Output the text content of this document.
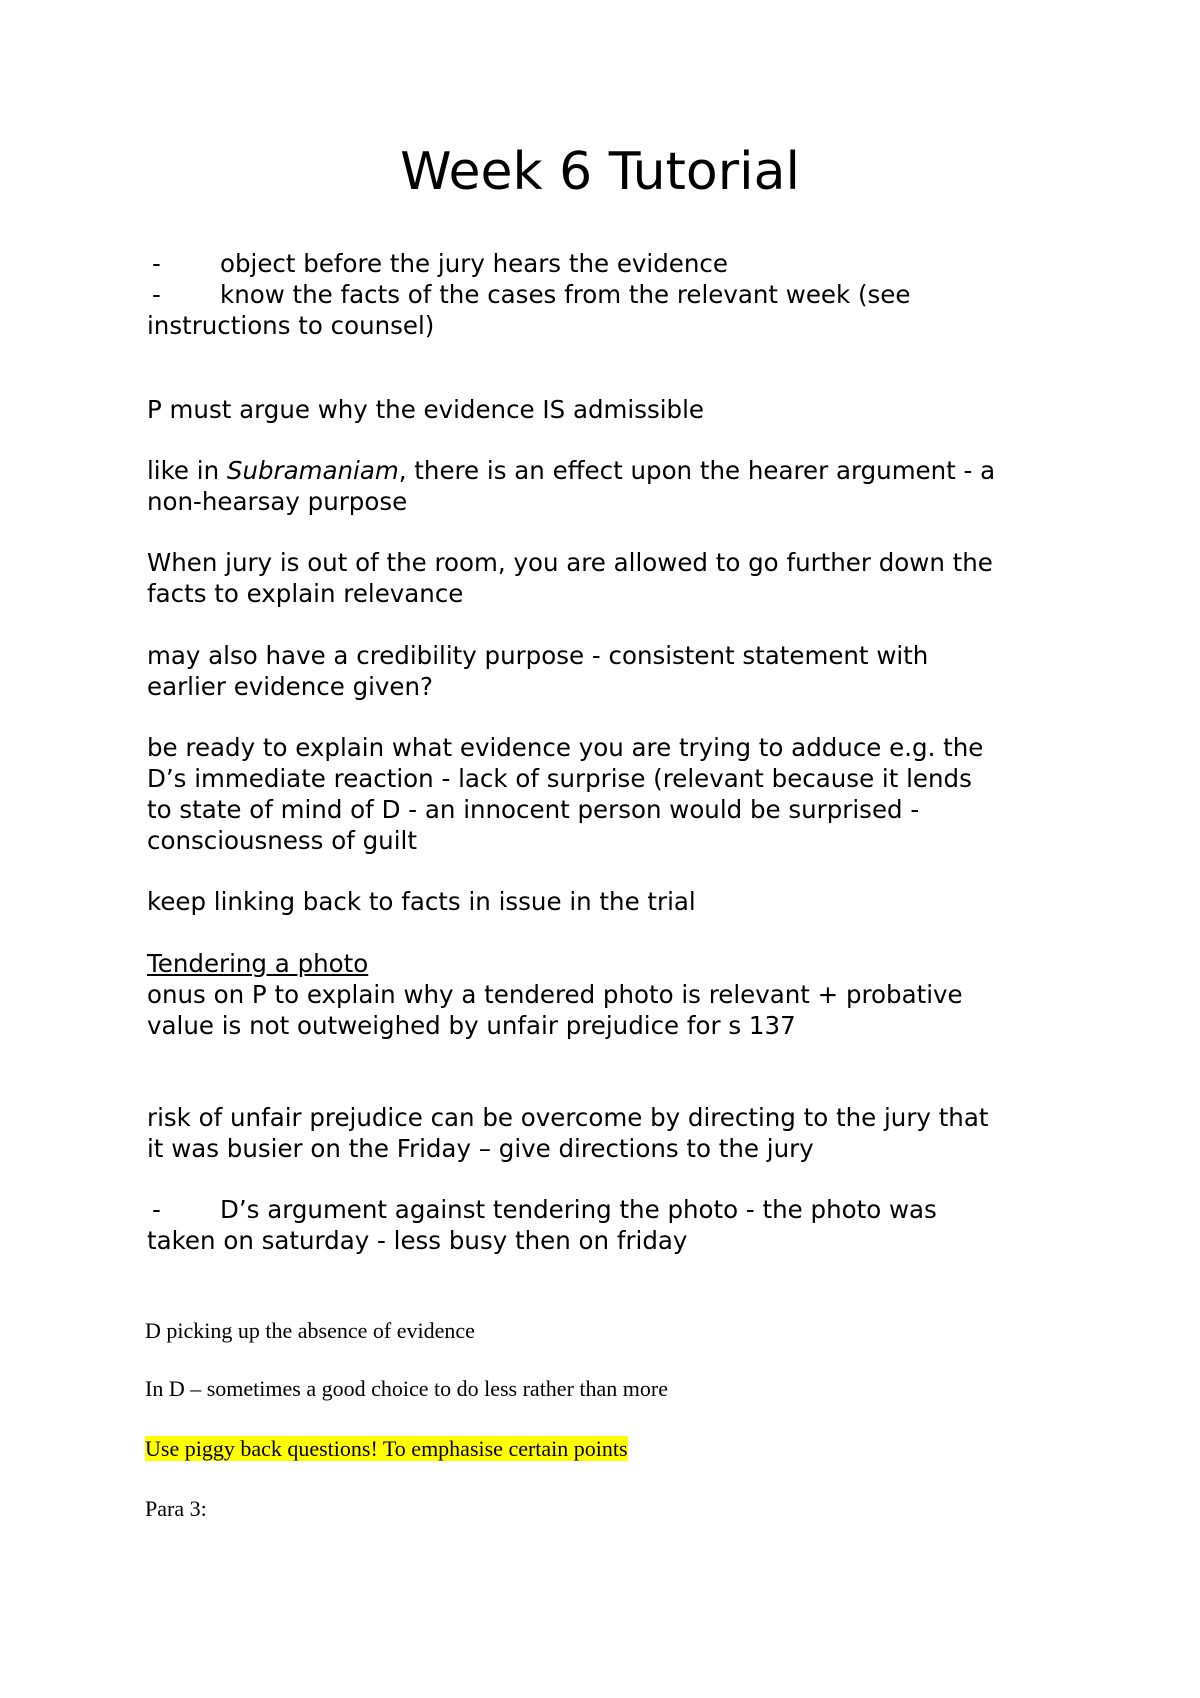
Week 6 Tutorial
-	object before the jury hears the evidence
-	know the facts of the cases from the relevant week (see
instructions to counsel)
P must argue why the evidence IS admissible
like in Subramaniam, there is an effect upon the hearer argument - a
non-hearsay purpose
When jury is out of the room, you are allowed to go further down the
facts to explain relevance
may also have a credibility purpose - consistent statement with
earlier evidence given?
be ready to explain what evidence you are trying to adduce e.g. the
D’s immediate reaction - lack of surprise (relevant because it lends
to state of mind of D - an innocent person would be surprised -
consciousness of guilt
keep linking back to facts in issue in the trial
Tendering a photo
onus on P to explain why a tendered photo is relevant + probative
value is not outweighed by unfair prejudice for s 137
risk of unfair prejudice can be overcome by directing to the jury that
it was busier on the Friday – give directions to the jury
-	D’s argument against tendering the photo - the photo was
taken on saturday - less busy then on friday
D picking up the absence of evidence
In D – sometimes a good choice to do less rather than more
Use piggy back questions! To emphasise certain points
Para 3:
